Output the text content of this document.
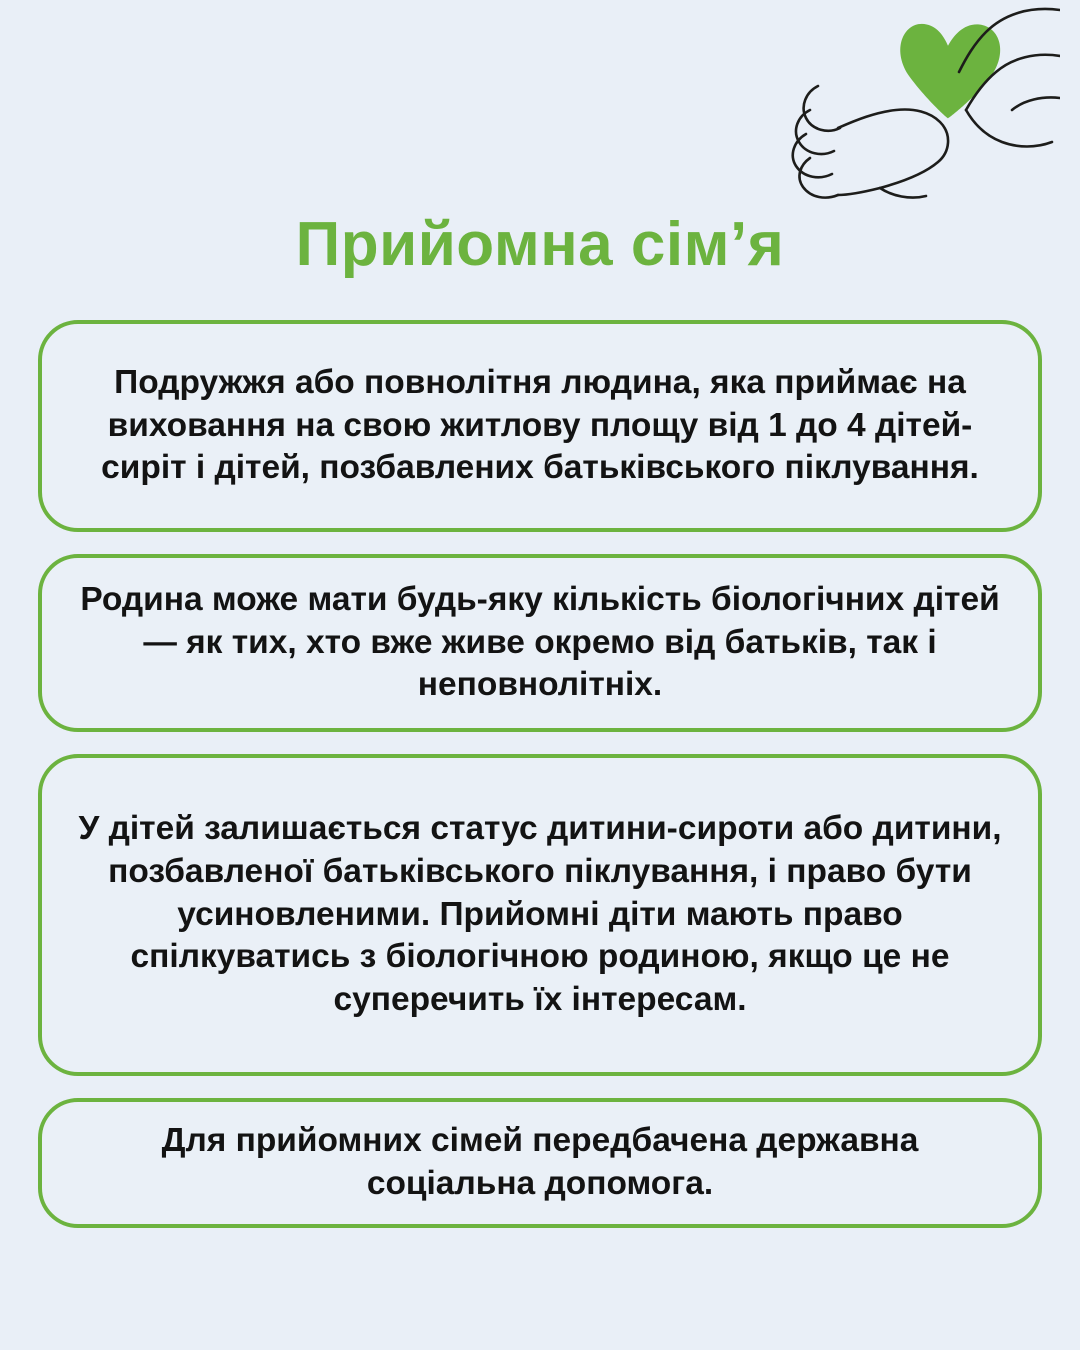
Прийомна сім’я

Подружжя або повнолітня людина, яка приймає на виховання на свою житлову площу від 1 до 4 дітей-сиріт і дітей, позбавлених батьківського піклування.

Родина може мати будь-яку кількість біологічних дітей — як тих, хто вже живе окремо від батьків, так і неповнолітніх.

У дітей залишається статус дитини-сироти або дитини, позбавленої батьківського піклування, і право бути усиновленими. Прийомні діти мають право спілкуватись з біологічною родиною, якщо це не суперечить їх інтересам.

Для прийомних сімей передбачена державна соціальна допомога.
